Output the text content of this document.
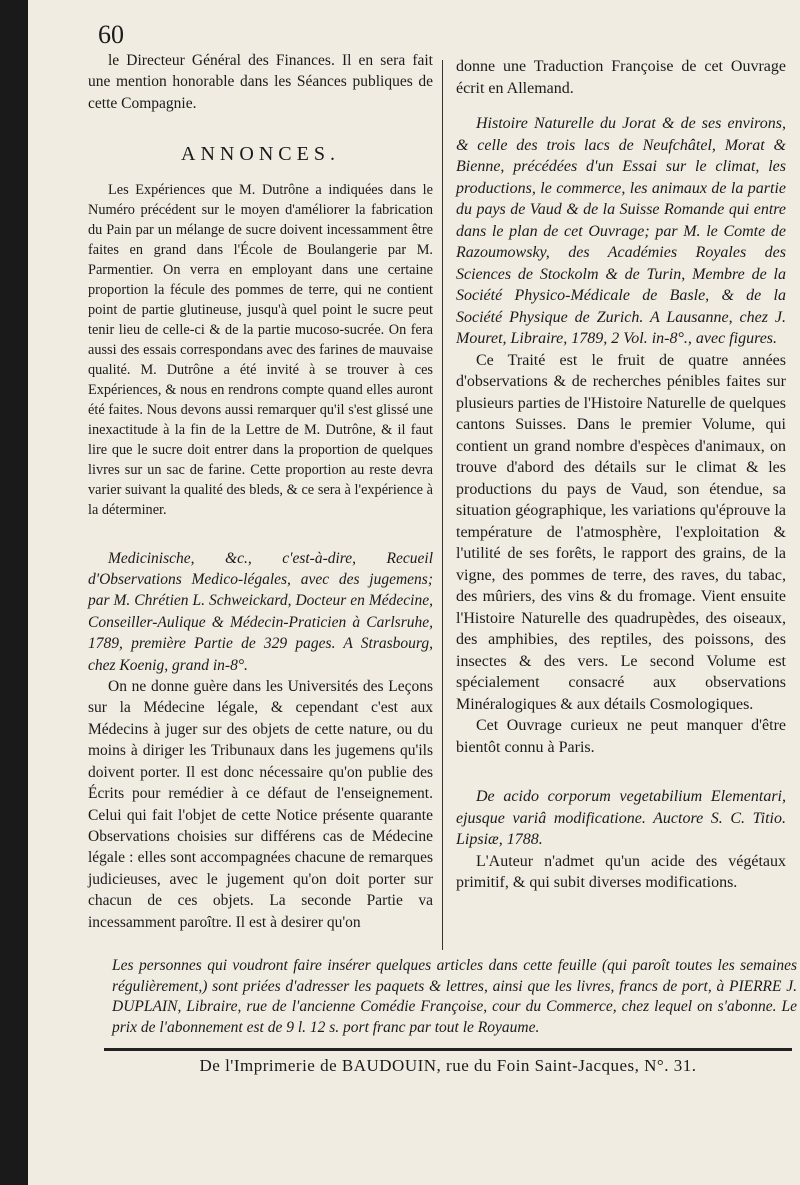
60

le Directeur Général des Finances. Il en sera fait une mention honorable dans les Séances publiques de cette Compagnie.

ANNONCES.

Les Expériences que M. Dutrône a indiquées dans le Numéro précédent sur le moyen d'améliorer la fabrication du Pain par un mélange de sucre doivent incessamment être faites en grand dans l'École de Boulangerie par M. Parmentier. On verra en employant dans une certaine proportion la fécule des pommes de terre, qui ne contient point de partie glutineuse, jusqu'à quel point le sucre peut tenir lieu de celle-ci & de la partie mucoso-sucrée. On fera aussi des essais correspondans avec des farines de mauvaise qualité. M. Dutrône a été invité à se trouver à ces Expériences, & nous en rendrons compte quand elles auront été faites. Nous devons aussi remarquer qu'il s'est glissé une inexactitude à la fin de la Lettre de M. Dutrône, & il faut lire que le sucre doit entrer dans la proportion de quelques livres sur un sac de farine. Cette proportion au reste devra varier suivant la qualité des bleds, & ce sera à l'expérience à la déterminer.

Medicinische, &c., c'est-à-dire, Recueil d'Observations Medico-légales, avec des jugemens; par M. Chrétien L. Schweickard, Docteur en Médecine, Conseiller-Aulique & Médecin-Praticien à Carlsruhe, 1789, première Partie de 329 pages. A Strasbourg, chez Koenig, grand in-8°.

On ne donne guère dans les Universités des Leçons sur la Médecine légale, & cependant c'est aux Médecins à juger sur des objets de cette nature, ou du moins à diriger les Tribunaux dans les jugemens qu'ils doivent porter. Il est donc nécessaire qu'on publie des Écrits pour remédier à ce défaut de l'enseignement. Celui qui fait l'objet de cette Notice présente quarante Observations choisies sur différens cas de Médecine légale : elles sont accompagnées chacune de remarques judicieuses, avec le jugement qu'on doit porter sur chacun de ces objets. La seconde Partie va incessamment paroître. Il est à desirer qu'on

donne une Traduction Françoise de cet Ouvrage écrit en Allemand.

Histoire Naturelle du Jorat & de ses environs, & celle des trois lacs de Neufchâtel, Morat & Bienne, précédées d'un Essai sur le climat, les productions, le commerce, les animaux de la partie du pays de Vaud & de la Suisse Romande qui entre dans le plan de cet Ouvrage; par M. le Comte de Razoumowsky, des Académies Royales des Sciences de Stockolm & de Turin, Membre de la Société Physico-Médicale de Basle, & de la Société Physique de Zurich. A Lausanne, chez J. Mouret, Libraire, 1789, 2 Vol. in-8°., avec figures.

Ce Traité est le fruit de quatre années d'observations & de recherches pénibles faites sur plusieurs parties de l'Histoire Naturelle de quelques cantons Suisses. Dans le premier Volume, qui contient un grand nombre d'espèces d'animaux, on trouve d'abord des détails sur le climat & les productions du pays de Vaud, son étendue, sa situation géographique, les variations qu'éprouve la température de l'atmosphère, l'exploitation & l'utilité de ses forêts, le rapport des grains, de la vigne, des pommes de terre, des raves, du tabac, des mûriers, des vins & du fromage. Vient ensuite l'Histoire Naturelle des quadrupèdes, des oiseaux, des amphibies, des reptiles, des poissons, des insectes & des vers. Le second Volume est spécialement consacré aux observations Minéralogiques & aux détails Cosmologiques.

Cet Ouvrage curieux ne peut manquer d'être bientôt connu à Paris.

De acido corporum vegetabilium Elementari, ejusque variâ modificatione. Auctore S. C. Titio. Lipsiæ, 1788.

L'Auteur n'admet qu'un acide des végétaux primitif, & qui subit diverses modifications.

Les personnes qui voudront faire insérer quelques articles dans cette feuille (qui paroît toutes les semaines régulièrement,) sont priées d'adresser les paquets & lettres, ainsi que les livres, francs de port, à PIERRE J. DUPLAIN, Libraire, rue de l'ancienne Comédie Françoise, cour du Commerce, chez lequel on s'abonne. Le prix de l'abonnement est de 9 l. 12 s. port franc par tout le Royaume.
De l'Imprimerie de BAUDOUIN, rue du Foin Saint-Jacques, N°. 31.
